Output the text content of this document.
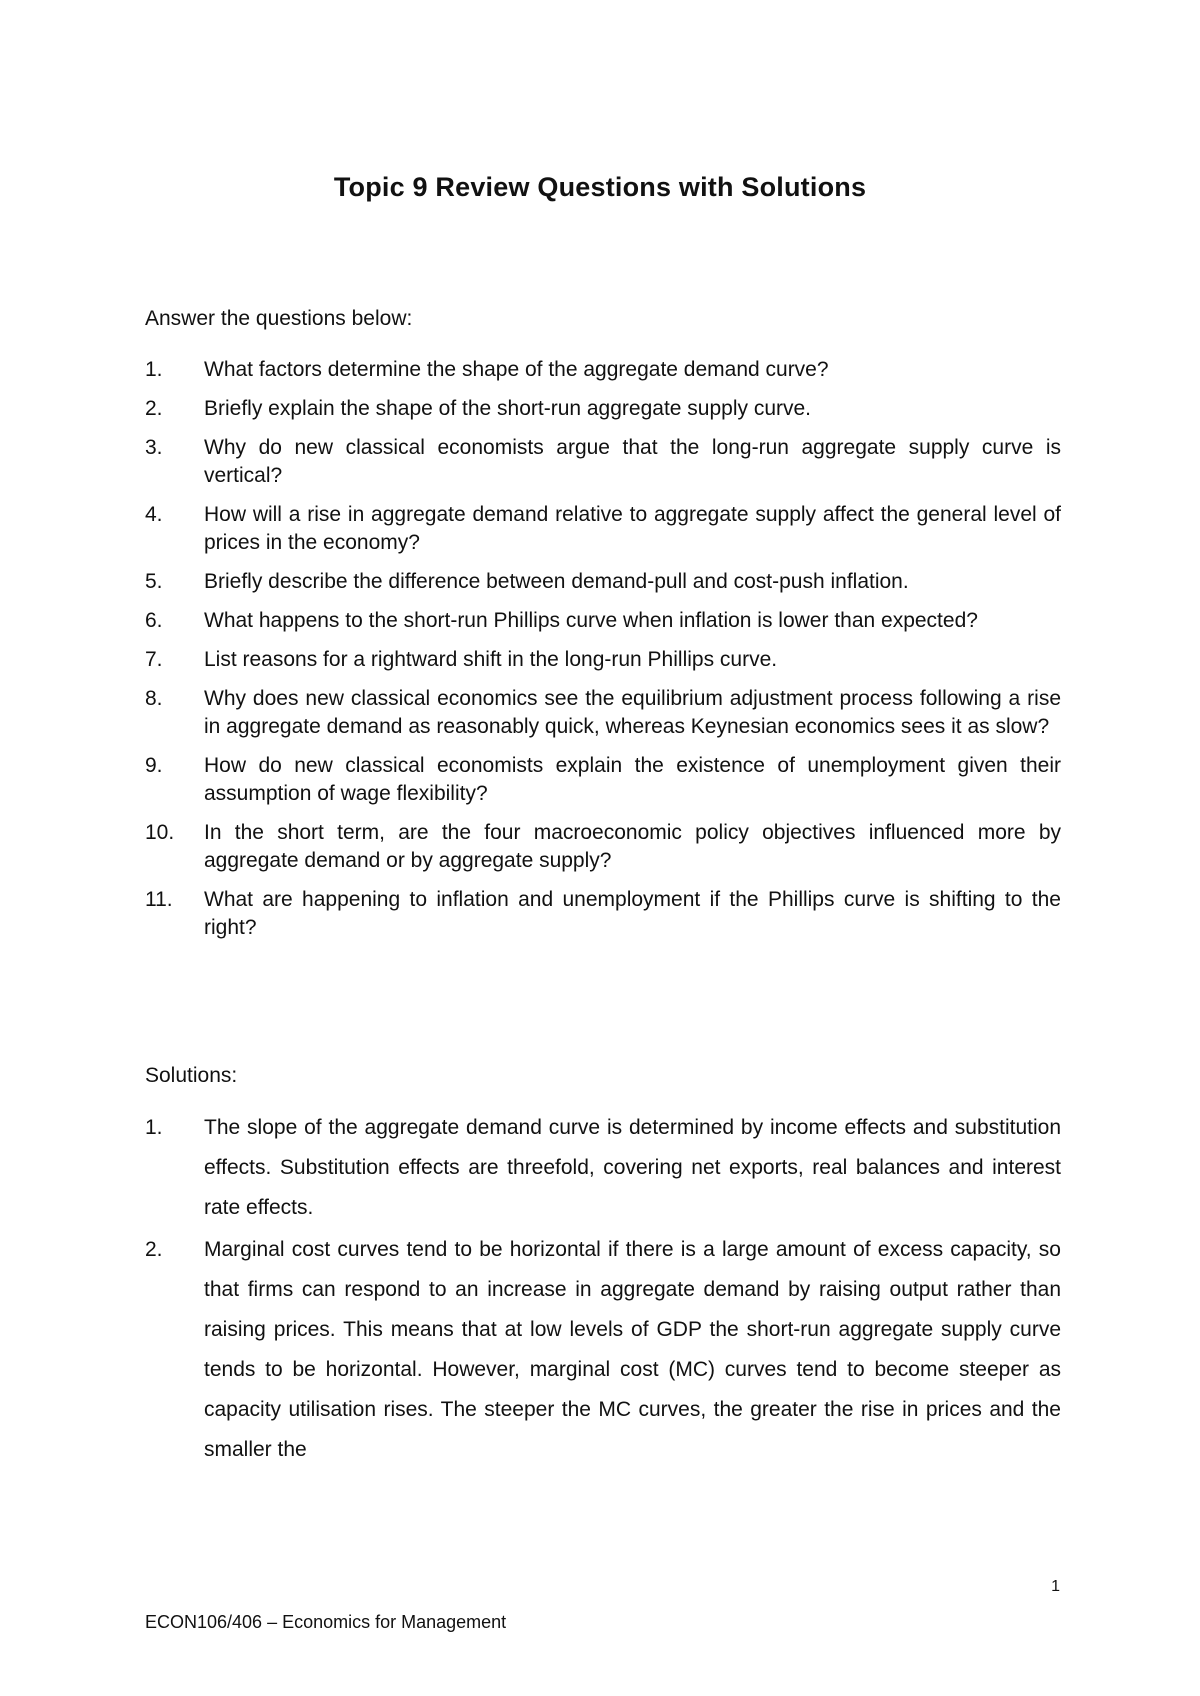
Topic 9 Review Questions with Solutions
Answer the questions below:
1.	What factors determine the shape of the aggregate demand curve?
2.	Briefly explain the shape of the short-run aggregate supply curve.
3.	Why do new classical economists argue that the long-run aggregate supply curve is vertical?
4.	How will a rise in aggregate demand relative to aggregate supply affect the general level of prices in the economy?
5.	Briefly describe the difference between demand-pull and cost-push inflation.
6.	What happens to the short-run Phillips curve when inflation is lower than expected?
7.	List reasons for a rightward shift in the long-run Phillips curve.
8.	Why does new classical economics see the equilibrium adjustment process following a rise in aggregate demand as reasonably quick, whereas Keynesian economics sees it as slow?
9.	How do new classical economists explain the existence of unemployment given their assumption of wage flexibility?
10.	In the short term, are the four macroeconomic policy objectives influenced more by aggregate demand or by aggregate supply?
11.	What are happening to inflation and unemployment if the Phillips curve is shifting to the right?
Solutions:
1.	The slope of the aggregate demand curve is determined by income effects and substitution effects. Substitution effects are threefold, covering net exports, real balances and interest rate effects.
2.	Marginal cost curves tend to be horizontal if there is a large amount of excess capacity, so that firms can respond to an increase in aggregate demand by raising output rather than raising prices. This means that at low levels of GDP the short-run aggregate supply curve tends to be horizontal. However, marginal cost (MC) curves tend to become steeper as capacity utilisation rises. The steeper the MC curves, the greater the rise in prices and the smaller the
1
ECON106/406 – Economics for Management
